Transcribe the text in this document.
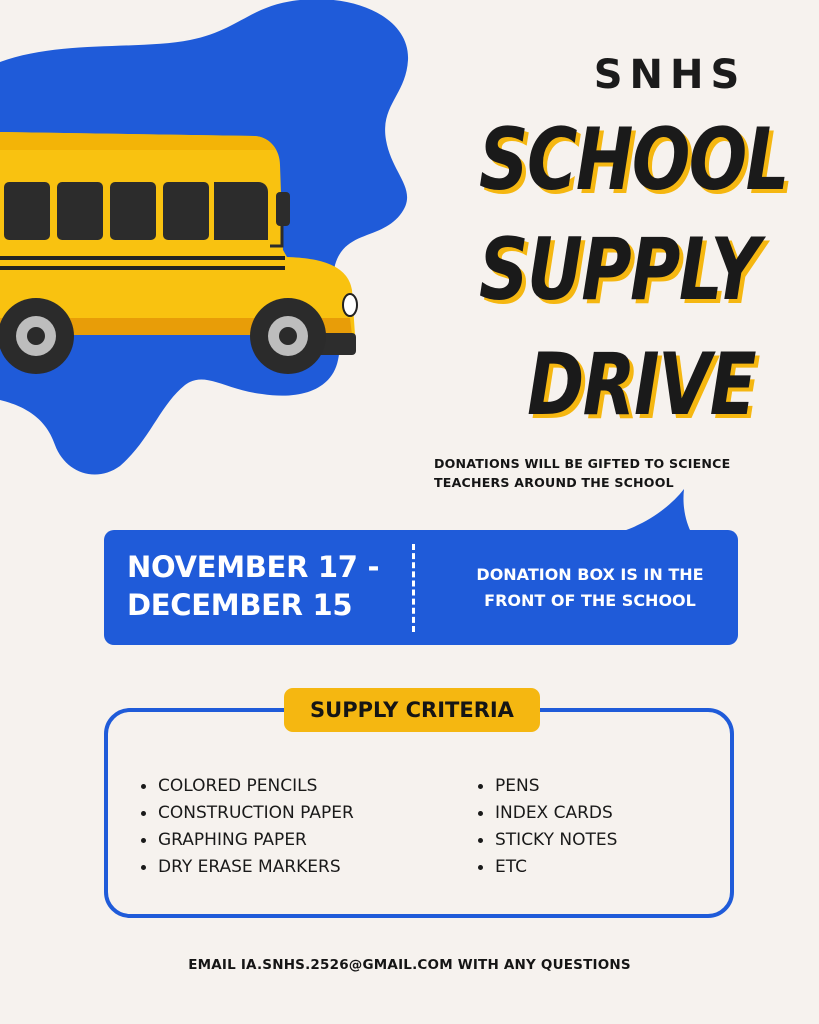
SNHS
SCHOOL
SUPPLY
DRIVE
DONATIONS WILL BE GIFTED TO SCIENCE TEACHERS AROUND THE SCHOOL
NOVEMBER 17 -
DECEMBER 15
DONATION BOX IS IN THE
FRONT OF THE SCHOOL
SUPPLY CRITERIA
COLORED PENCILS
CONSTRUCTION PAPER
GRAPHING PAPER
DRY ERASE MARKERS
PENS
INDEX CARDS
STICKY NOTES
ETC
EMAIL IA.SNHS.2526@GMAIL.COM WITH ANY QUESTIONS
